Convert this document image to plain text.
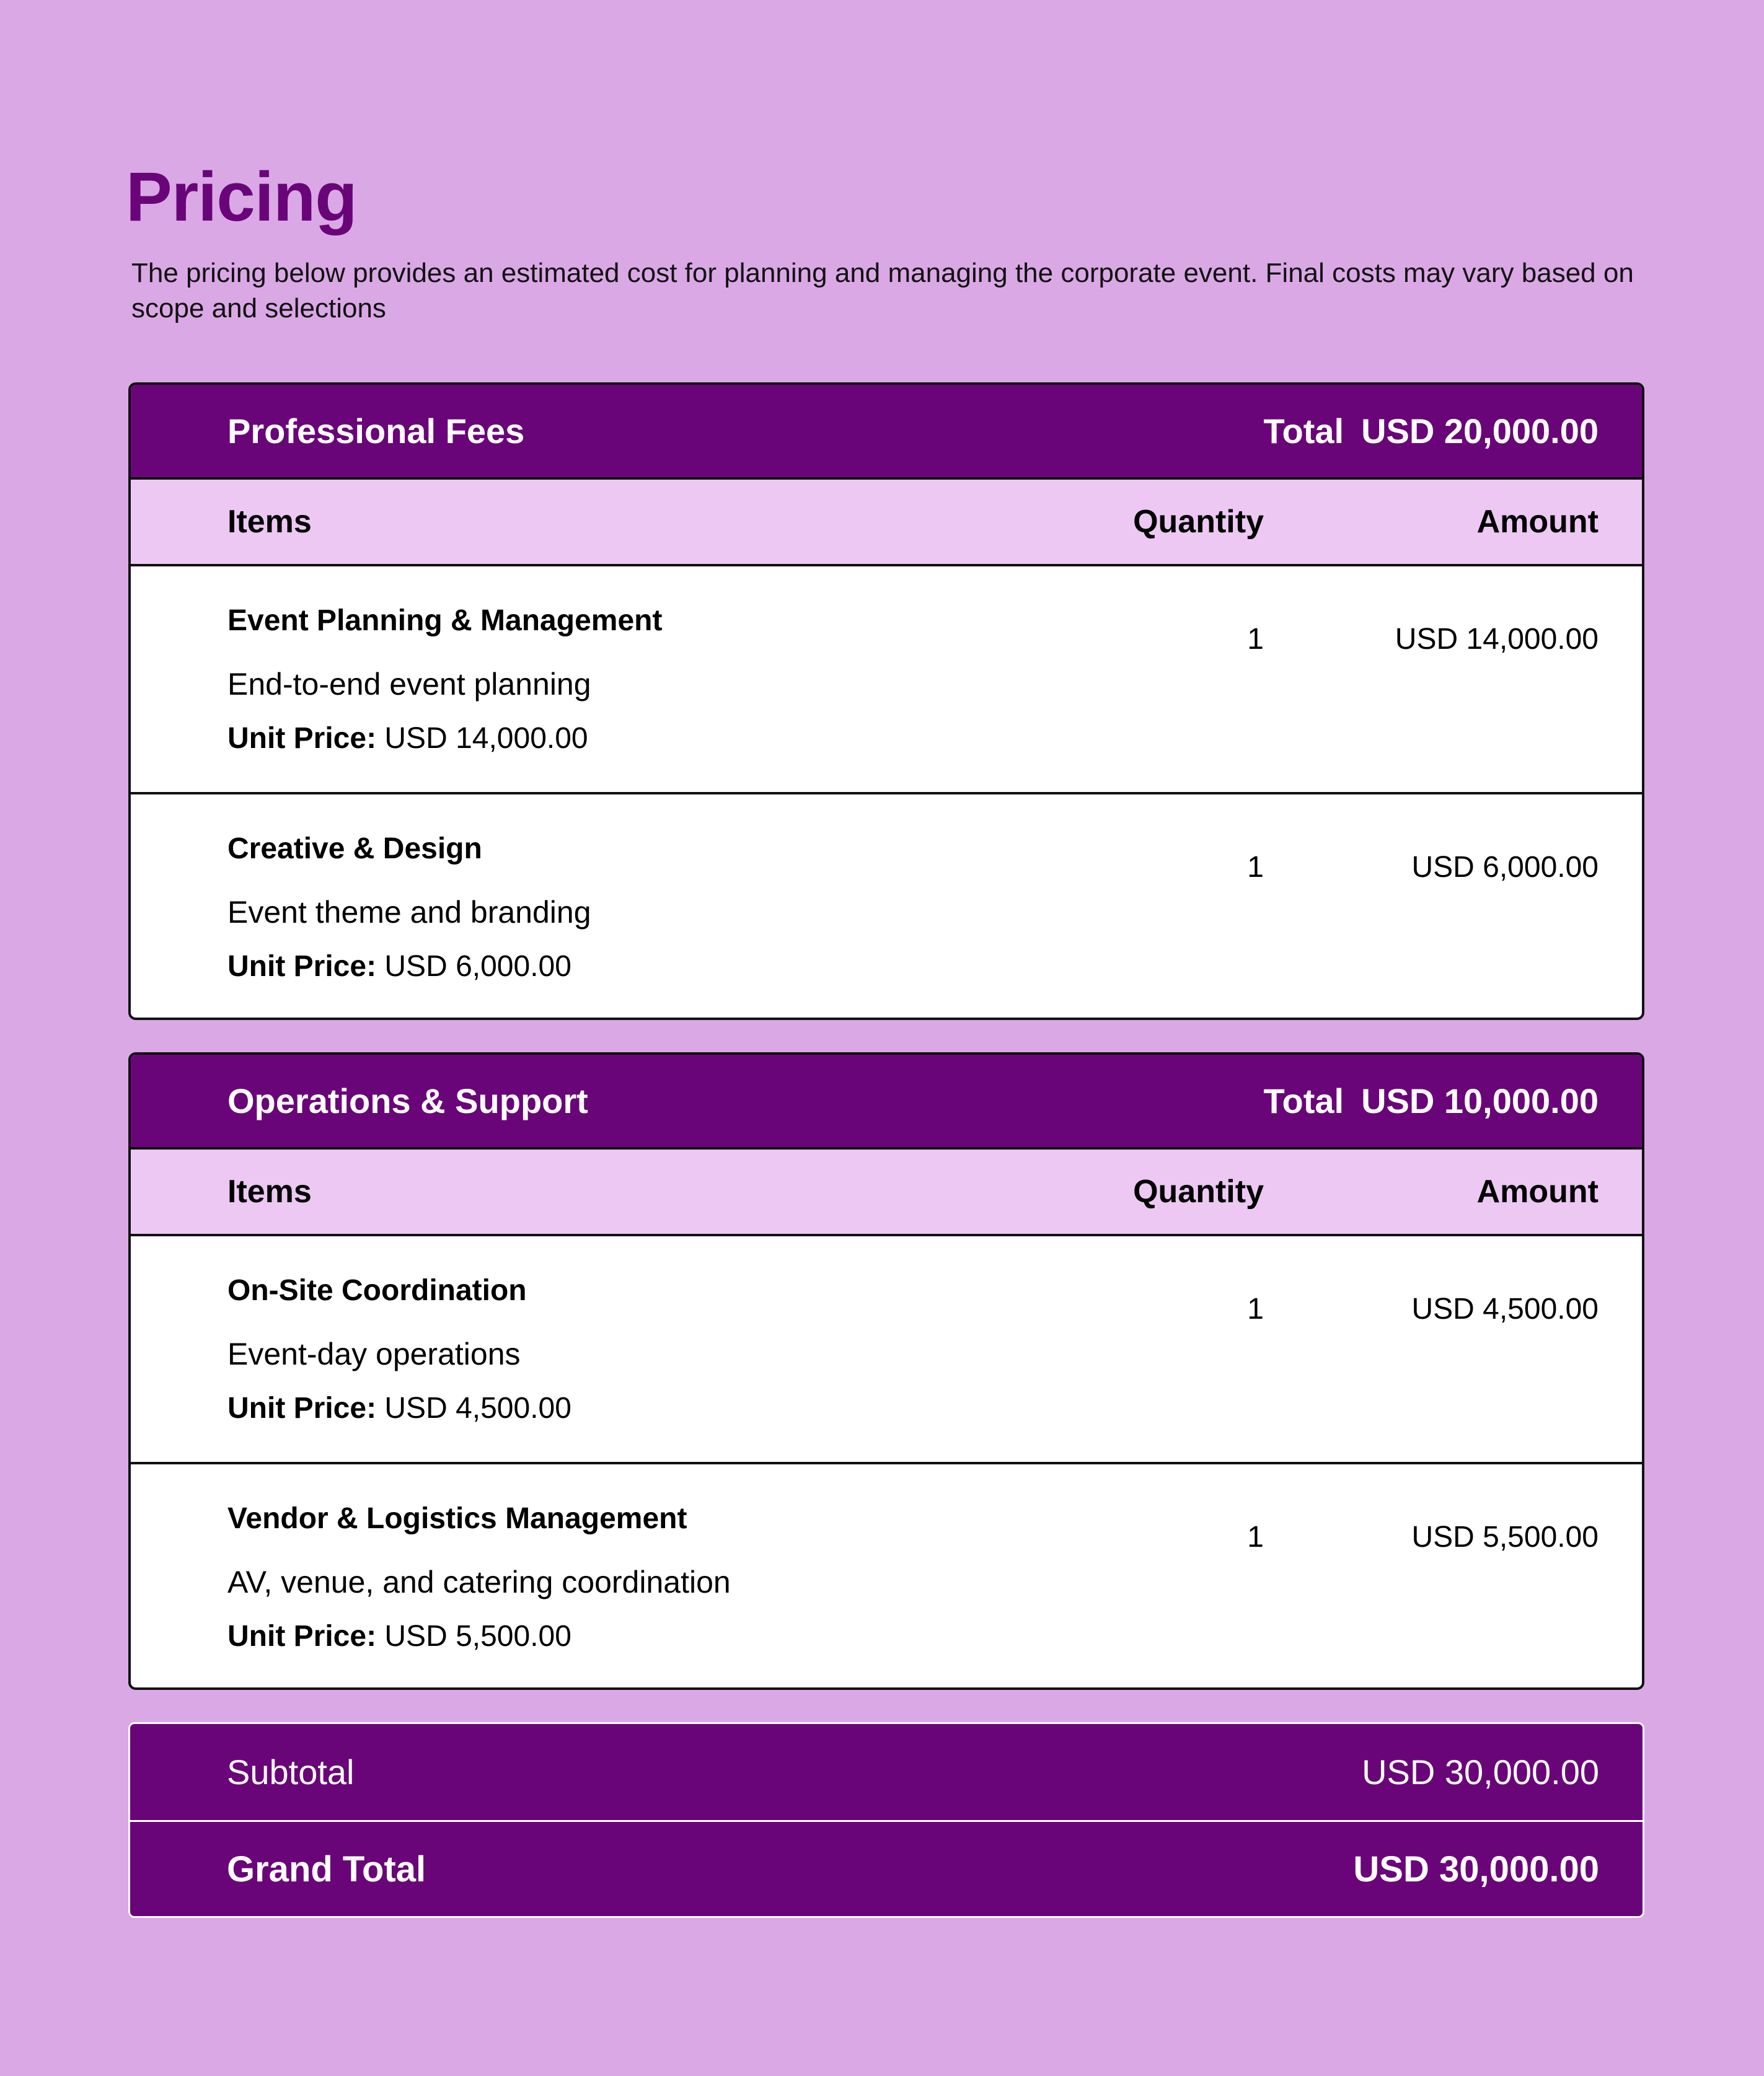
Pricing

The pricing below provides an estimated cost for planning and managing the corporate event. Final costs may vary based on scope and selections

Professional Fees	Total USD 20,000.00
Items	Quantity	Amount
Event Planning & Management
End-to-end event planning
Unit Price: USD 14,000.00
1	USD 14,000.00
Creative & Design
Event theme and branding
Unit Price: USD 6,000.00
1	USD 6,000.00
Operations & Support	Total USD 10,000.00
Items	Quantity	Amount
On-Site Coordination
Event-day operations
Unit Price: USD 4,500.00
1	USD 4,500.00
Vendor & Logistics Management
AV, venue, and catering coordination
Unit Price: USD 5,500.00
1	USD 5,500.00
Subtotal	USD 30,000.00
Grand Total	USD 30,000.00
